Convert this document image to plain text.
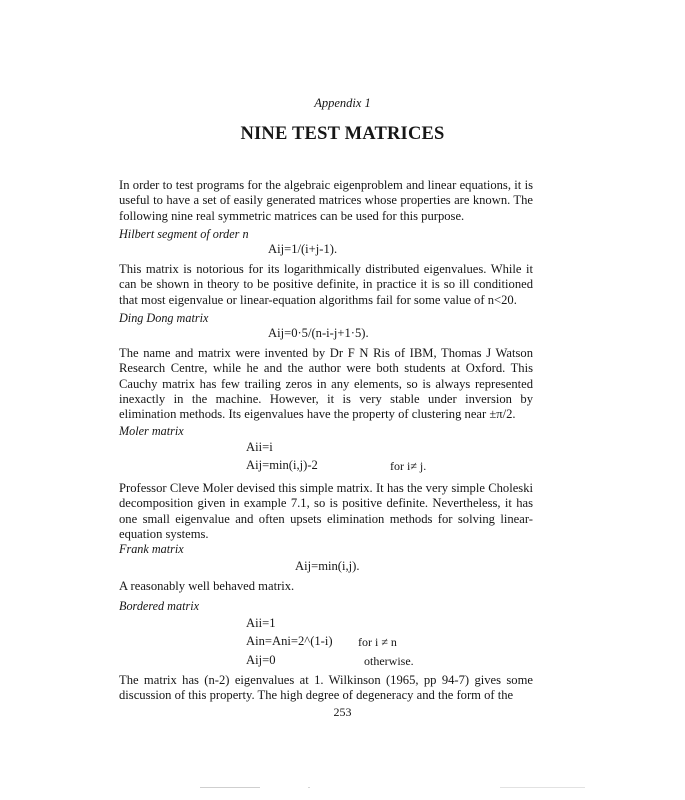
Appendix 1
NINE TEST MATRICES

In order to test programs for the algebraic eigenproblem and linear equations, it is useful to have a set of easily generated matrices whose properties are known. The following nine real symmetric matrices can be used for this purpose.

Hilbert segment of order n
Aij=1/(i+j-1).

This matrix is notorious for its logarithmically distributed eigenvalues. While it can be shown in theory to be positive definite, in practice it is so ill conditioned that most eigenvalue or linear-equation algorithms fail for some value of n<20.

Ding Dong matrix
Aij=0·5/(n-i-j+1·5).

The name and matrix were invented by Dr F N Ris of IBM, Thomas J Watson Research Centre, while he and the author were both students at Oxford. This Cauchy matrix has few trailing zeros in any elements, so is always represented inexactly in the machine. However, it is very stable under inversion by elimination methods. Its eigenvalues have the property of clustering near ±π/2.

Moler matrix
Aii=i
Aij=min(i,j)-2	for i≠ j.

Professor Cleve Moler devised this simple matrix. It has the very simple Choleski decomposition given in example 7.1, so is positive definite. Nevertheless, it has one small eigenvalue and often upsets elimination methods for solving linear-equation systems.

Frank matrix
Aij=min(i,j).

A reasonably well behaved matrix.

Bordered matrix
Aii=1
Ain=Ani=2^(1-i) for i ≠ n
Aij=0	otherwise.

The matrix has (n-2) eigenvalues at 1. Wilkinson (1965, pp 94-7) gives some discussion of this property. The high degree of degeneracy and the form of the

253
